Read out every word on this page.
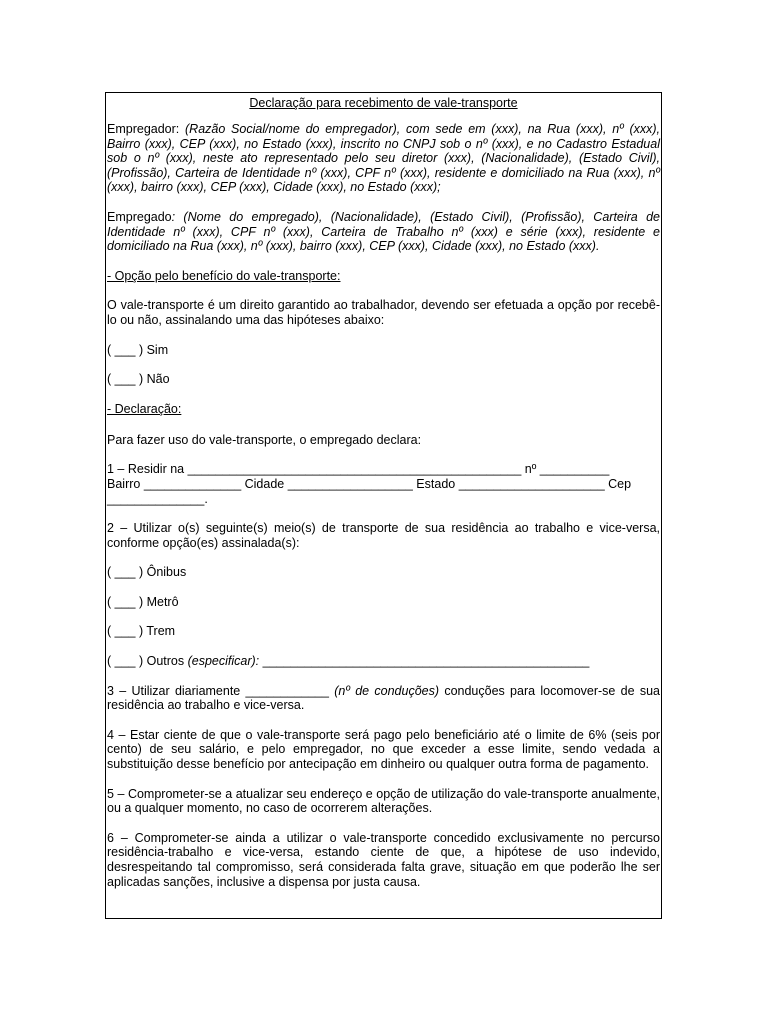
Declaração para recebimento de vale-transporte

Empregador: (Razão Social/nome do empregador), com sede em (xxx), na Rua (xxx), nº (xxx), Bairro (xxx), CEP (xxx), no Estado (xxx), inscrito no CNPJ sob o nº (xxx), e no Cadastro Estadual sob o nº (xxx), neste ato representado pelo seu diretor (xxx), (Nacionalidade), (Estado Civil), (Profissão), Carteira de Identidade nº (xxx), CPF nº (xxx), residente e domiciliado na Rua (xxx), nº (xxx), bairro (xxx), CEP (xxx), Cidade (xxx), no Estado (xxx);

Empregado: (Nome do empregado), (Nacionalidade), (Estado Civil), (Profissão), Carteira de Identidade nº (xxx), CPF nº (xxx), Carteira de Trabalho nº (xxx) e série (xxx), residente e domiciliado na Rua (xxx), nº (xxx), bairro (xxx), CEP (xxx), Cidade (xxx), no Estado (xxx).

- Opção pelo benefício do vale-transporte:

O vale-transporte é um direito garantido ao trabalhador, devendo ser efetuada a opção por recebê-lo ou não, assinalando uma das hipóteses abaixo:

( ___ ) Sim

( ___ ) Não

- Declaração:

Para fazer uso do vale-transporte, o empregado declara:

1 – Residir na ________________________________________________ nº __________

Bairro ______________ Cidade __________________ Estado _____________________ Cep

______________.

2 – Utilizar o(s) seguinte(s) meio(s) de transporte de sua residência ao trabalho e vice-versa, conforme opção(es) assinalada(s):

( ___ ) Ônibus

( ___ ) Metrô

( ___ ) Trem

( ___ ) Outros (especificar): _______________________________________________

3 – Utilizar diariamente ____________ (nº de conduções) conduções para locomover-se de sua residência ao trabalho e vice-versa.

4 – Estar ciente de que o vale-transporte será pago pelo beneficiário até o limite de 6% (seis por cento) de seu salário, e pelo empregador, no que exceder a esse limite, sendo vedada a substituição desse benefício por antecipação em dinheiro ou qualquer outra forma de pagamento.

5 – Comprometer-se a atualizar seu endereço e opção de utilização do vale-transporte anualmente, ou a qualquer momento, no caso de ocorrerem alterações.

6 – Comprometer-se ainda a utilizar o vale-transporte concedido exclusivamente no percurso residência-trabalho e vice-versa, estando ciente de que, a hipótese de uso indevido, desrespeitando tal compromisso, será considerada falta grave, situação em que poderão lhe ser aplicadas sanções, inclusive a dispensa por justa causa.
